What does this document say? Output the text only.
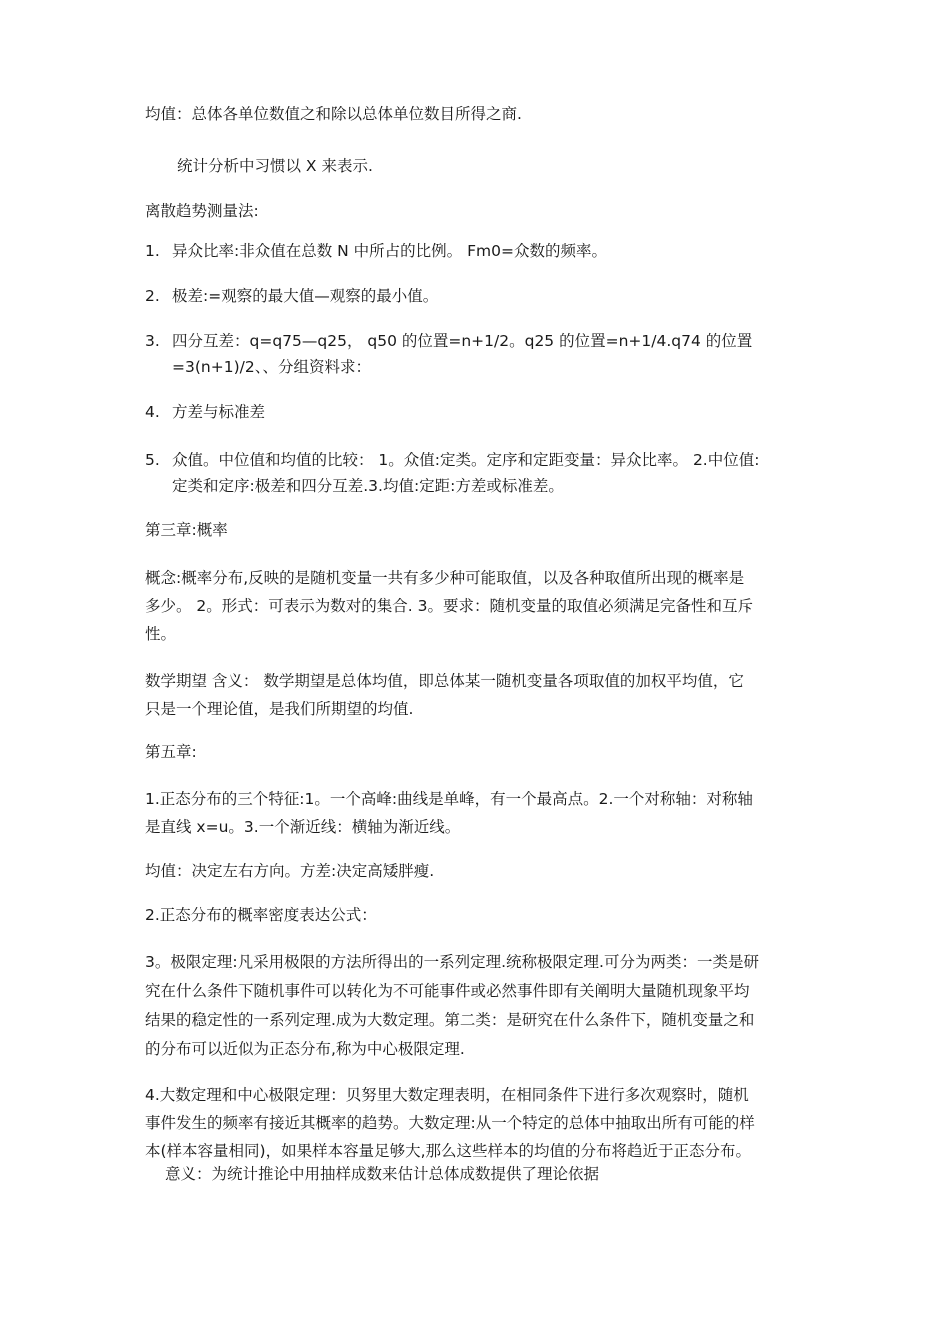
均值：总体各单位数值之和除以总体单位数目所得之商.
统计分析中习惯以 X 来表示.
离散趋势测量法:
1. 异众比率:非众值在总数 N 中所占的比例。 Fm0=众数的频率。
2. 极差:=观察的最大值—观察的最小值。
3. 四分互差：q=q75—q25， q50 的位置=n+1/2。q25 的位置=n+1/4.q74 的位置
=3(n+1)/2、、分组资料求：
4. 方差与标准差
5. 众值。中位值和均值的比较： 1。众值:定类。定序和定距变量：异众比率。 2.中位值:
定类和定序:极差和四分互差.3.均值:定距:方差或标准差。
第三章:概率
概念:概率分布,反映的是随机变量一共有多少种可能取值，以及各种取值所出现的概率是
多少。 2。形式：可表示为数对的集合. 3。要求：随机变量的取值必须满足完备性和互斥
性。
数学期望 含义： 数学期望是总体均值，即总体某一随机变量各项取值的加权平均值，它
只是一个理论值，是我们所期望的均值.
第五章:
1.正态分布的三个特征:1。一个高峰:曲线是单峰，有一个最高点。2.一个对称轴：对称轴
是直线 x=u。3.一个渐近线：横轴为渐近线。
均值：决定左右方向。方差:决定高矮胖瘦.
2.正态分布的概率密度表达公式：
3。极限定理:凡采用极限的方法所得出的一系列定理.统称极限定理.可分为两类：一类是研
究在什么条件下随机事件可以转化为不可能事件或必然事件即有关阐明大量随机现象平均
结果的稳定性的一系列定理.成为大数定理。第二类：是研究在什么条件下，随机变量之和
的分布可以近似为正态分布,称为中心极限定理.
4.大数定理和中心极限定理：贝努里大数定理表明，在相同条件下进行多次观察时，随机
事件发生的频率有接近其概率的趋势。大数定理:从一个特定的总体中抽取出所有可能的样
本(样本容量相同)，如果样本容量足够大,那么这些样本的均值的分布将趋近于正态分布。
意义：为统计推论中用抽样成数来估计总体成数提供了理论依据
